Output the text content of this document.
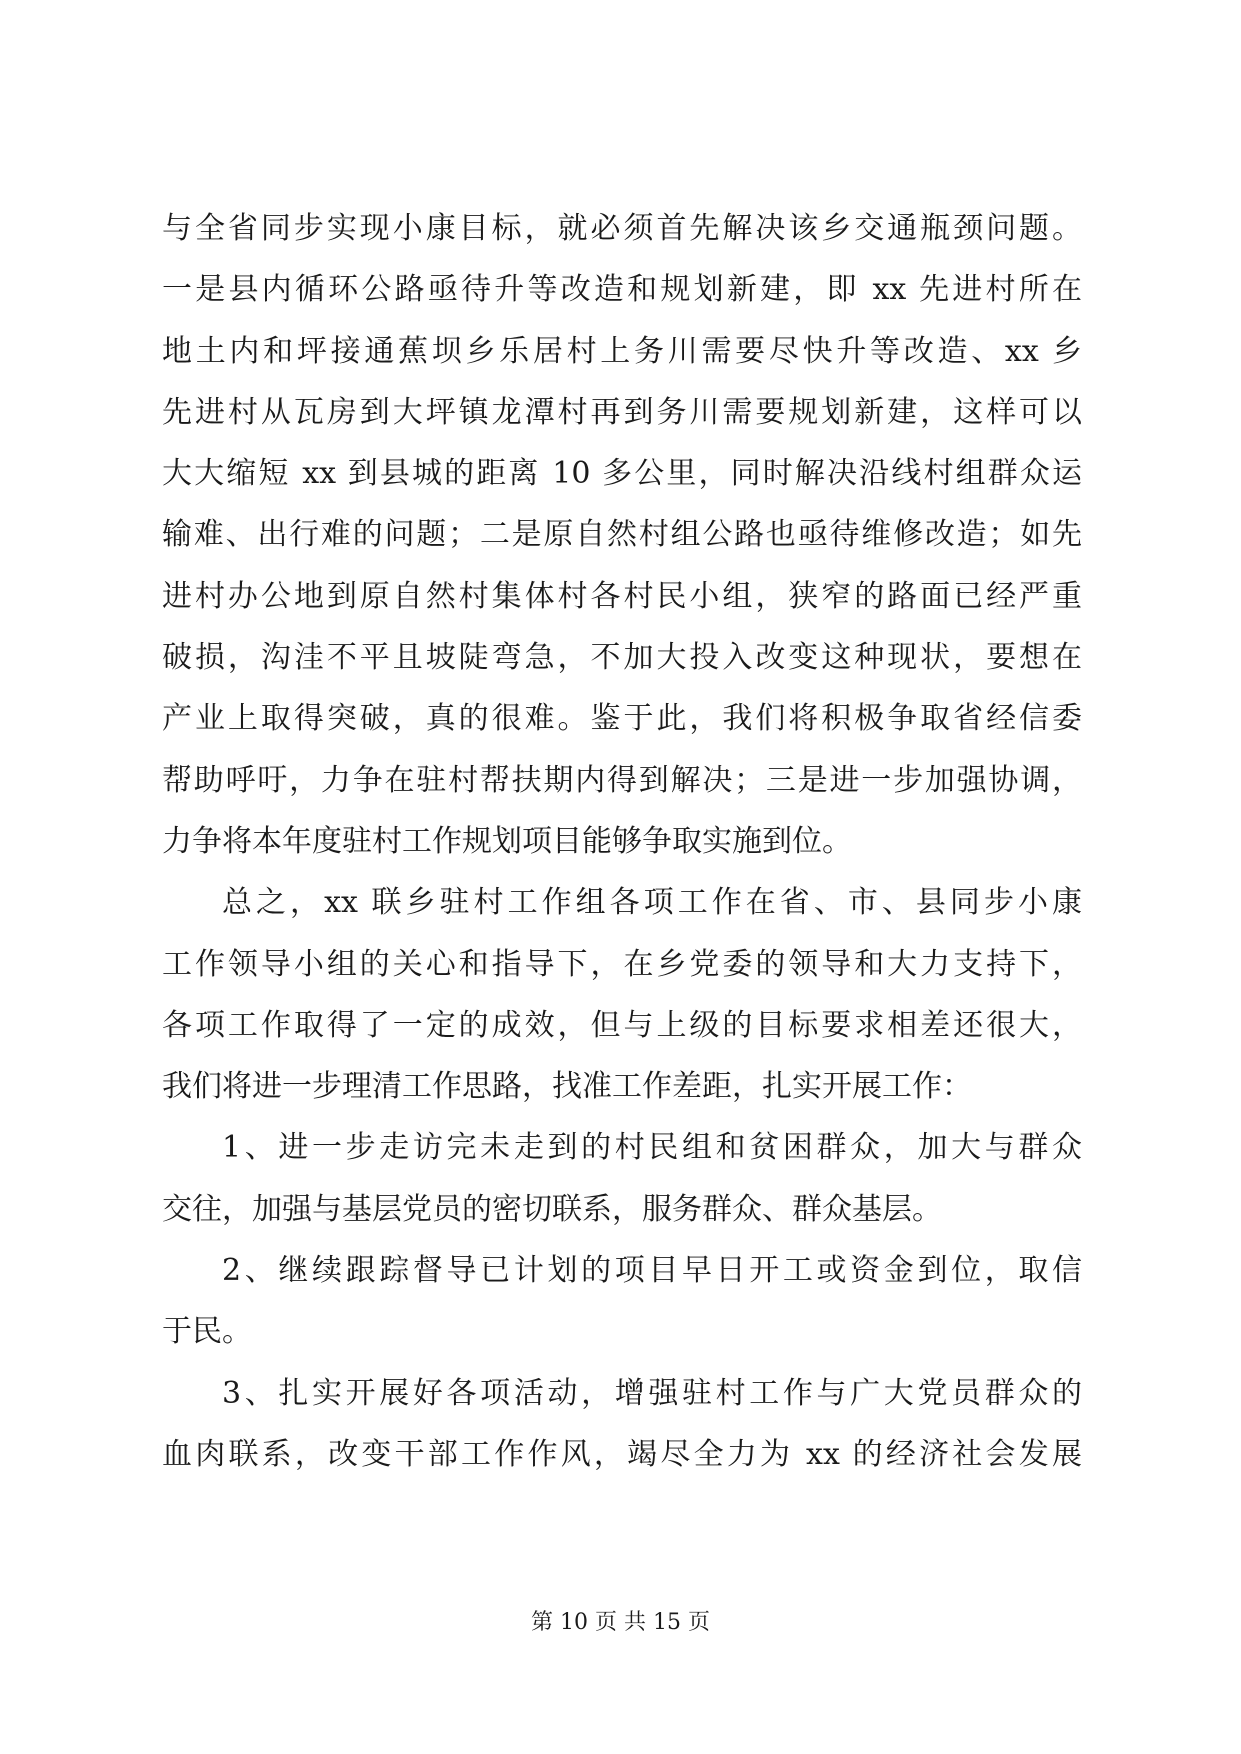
与全省同步实现小康目标，就必须首先解决该乡交通瓶颈问题。
一是县内循环公路亟待升等改造和规划新建，即 xx 先进村所在
地土内和坪接通蕉坝乡乐居村上务川需要尽快升等改造、xx 乡
先进村从瓦房到大坪镇龙潭村再到务川需要规划新建，这样可以
大大缩短 xx 到县城的距离 10 多公里，同时解决沿线村组群众运
输难、出行难的问题；二是原自然村组公路也亟待维修改造；如先
进村办公地到原自然村集体村各村民小组，狭窄的路面已经严重
破损，沟洼不平且坡陡弯急，不加大投入改变这种现状，要想在
产业上取得突破，真的很难。鉴于此，我们将积极争取省经信委
帮助呼吁，力争在驻村帮扶期内得到解决；三是进一步加强协调，
力争将本年度驻村工作规划项目能够争取实施到位。
总之，xx 联乡驻村工作组各项工作在省、市、县同步小康
工作领导小组的关心和指导下，在乡党委的领导和大力支持下，
各项工作取得了一定的成效，但与上级的目标要求相差还很大，
我们将进一步理清工作思路，找准工作差距，扎实开展工作：
1、进一步走访完未走到的村民组和贫困群众，加大与群众
交往，加强与基层党员的密切联系，服务群众、群众基层。
2、继续跟踪督导已计划的项目早日开工或资金到位，取信
于民。
3、扎实开展好各项活动，增强驻村工作与广大党员群众的
血肉联系，改变干部工作作风，竭尽全力为 xx 的经济社会发展
第 10 页 共 15 页
